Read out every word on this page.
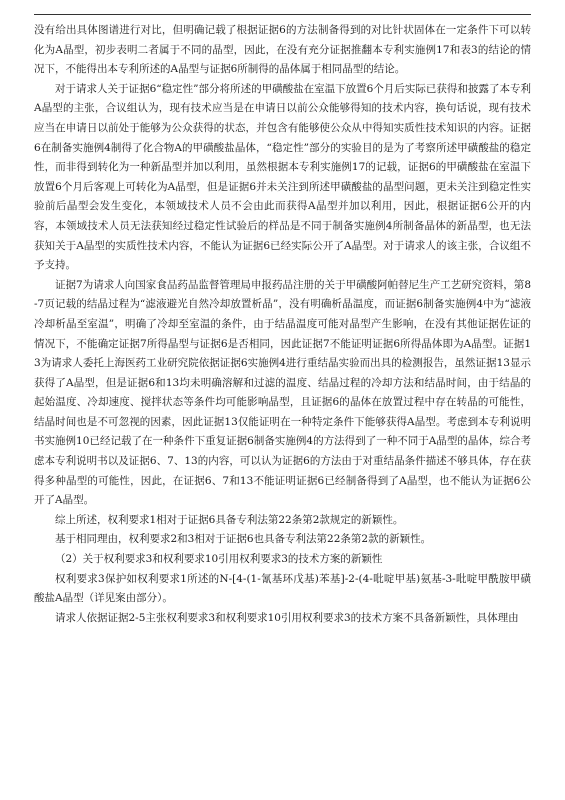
没有给出具体图谱进行对比，但明确记载了根据证据6的方法制备得到的对比针状固体在一定条件下可以转化为A晶型，初步表明二者属于不同的晶型，因此，在没有充分证据推翻本专利实施例17和表3的结论的情况下，不能得出本专利所述的A晶型与证据6所制得的晶体属于相同晶型的结论。

对于请求人关于证据6“稳定性”部分将所述的甲磺酸盐在室温下放置6个月后实际已获得和披露了本专利A晶型的主张，合议组认为，现有技术应当是在申请日以前公众能够得知的技术内容，换句话说，现有技术应当在申请日以前处于能够为公众获得的状态，并包含有能够使公众从中得知实质性技术知识的内容。证据6在制备实施例4制得了化合物A的甲磺酸盐晶体，“稳定性”部分的实验目的是为了考察所述甲磺酸盐的稳定性，而非得到转化为一种新晶型并加以利用，虽然根据本专利实施例17的记载，证据6的甲磺酸盐在室温下放置6个月后客观上可转化为A晶型，但是证据6并未关注到所述甲磺酸盐的晶型问题，更未关注到稳定性实验前后晶型会发生变化，本领域技术人员不会由此而获得A晶型并加以利用，因此，根据证据6公开的内容，本领域技术人员无法获知经过稳定性试验后的样品是不同于制备实施例4所制备晶体的新晶型，也无法获知关于A晶型的实质性技术内容，不能认为证据6已经实际公开了A晶型。对于请求人的该主张，合议组不予支持。

证据7为请求人向国家食品药品监督管理局申报药品注册的关于甲磺酸阿帕替尼生产工艺研究资料，第8-7页记载的结晶过程为“滤液避光自然冷却放置析晶”，没有明确析晶温度，而证据6制备实施例4中为“滤液冷却析晶至室温”，明确了冷却至室温的条件，由于结晶温度可能对晶型产生影响，在没有其他证据佐证的情况下，不能确定证据7所得晶型与证据6是否相同，因此证据7不能证明证据6所得晶体即为A晶型。证据13为请求人委托上海医药工业研究院依据证据6实施例4进行重结晶实验而出具的检测报告，虽然证据13显示获得了A晶型，但是证据6和13均未明确溶解和过滤的温度、结晶过程的冷却方法和结晶时间，由于结晶的起始温度、冷却速度、搅拌状态等条件均可能影响晶型，且证据6的晶体在放置过程中存在转晶的可能性，结晶时间也是不可忽视的因素，因此证据13仅能证明在一种特定条件下能够获得A晶型。考虑到本专利说明书实施例10已经记载了在一种条件下重复证据6制备实施例4的方法得到了一种不同于A晶型的晶体，综合考虑本专利说明书以及证据6、7、13的内容，可以认为证据6的方法由于对重结晶条件描述不够具体，存在获得多种晶型的可能性，因此，在证据6、7和13不能证明证据6已经制备得到了A晶型，也不能认为证据6公开了A晶型。

综上所述，权利要求1相对于证据6具备专利法第22条第2款规定的新颖性。

基于相同理由，权利要求2和3相对于证据6也具备专利法第22条第2款的新颖性。

（2）关于权利要求3和权利要求10引用权利要求3的技术方案的新颖性

权利要求3保护如权利要求1所述的N-[4-(1-氰基环戊基)苯基]-2-(4-吡啶甲基)氨基-3-吡啶甲酰胺甲磺酸盐A晶型（详见案由部分）。

请求人依据证据2-5主张权利要求3和权利要求10引用权利要求3的技术方案不具备新颖性，具体理由
